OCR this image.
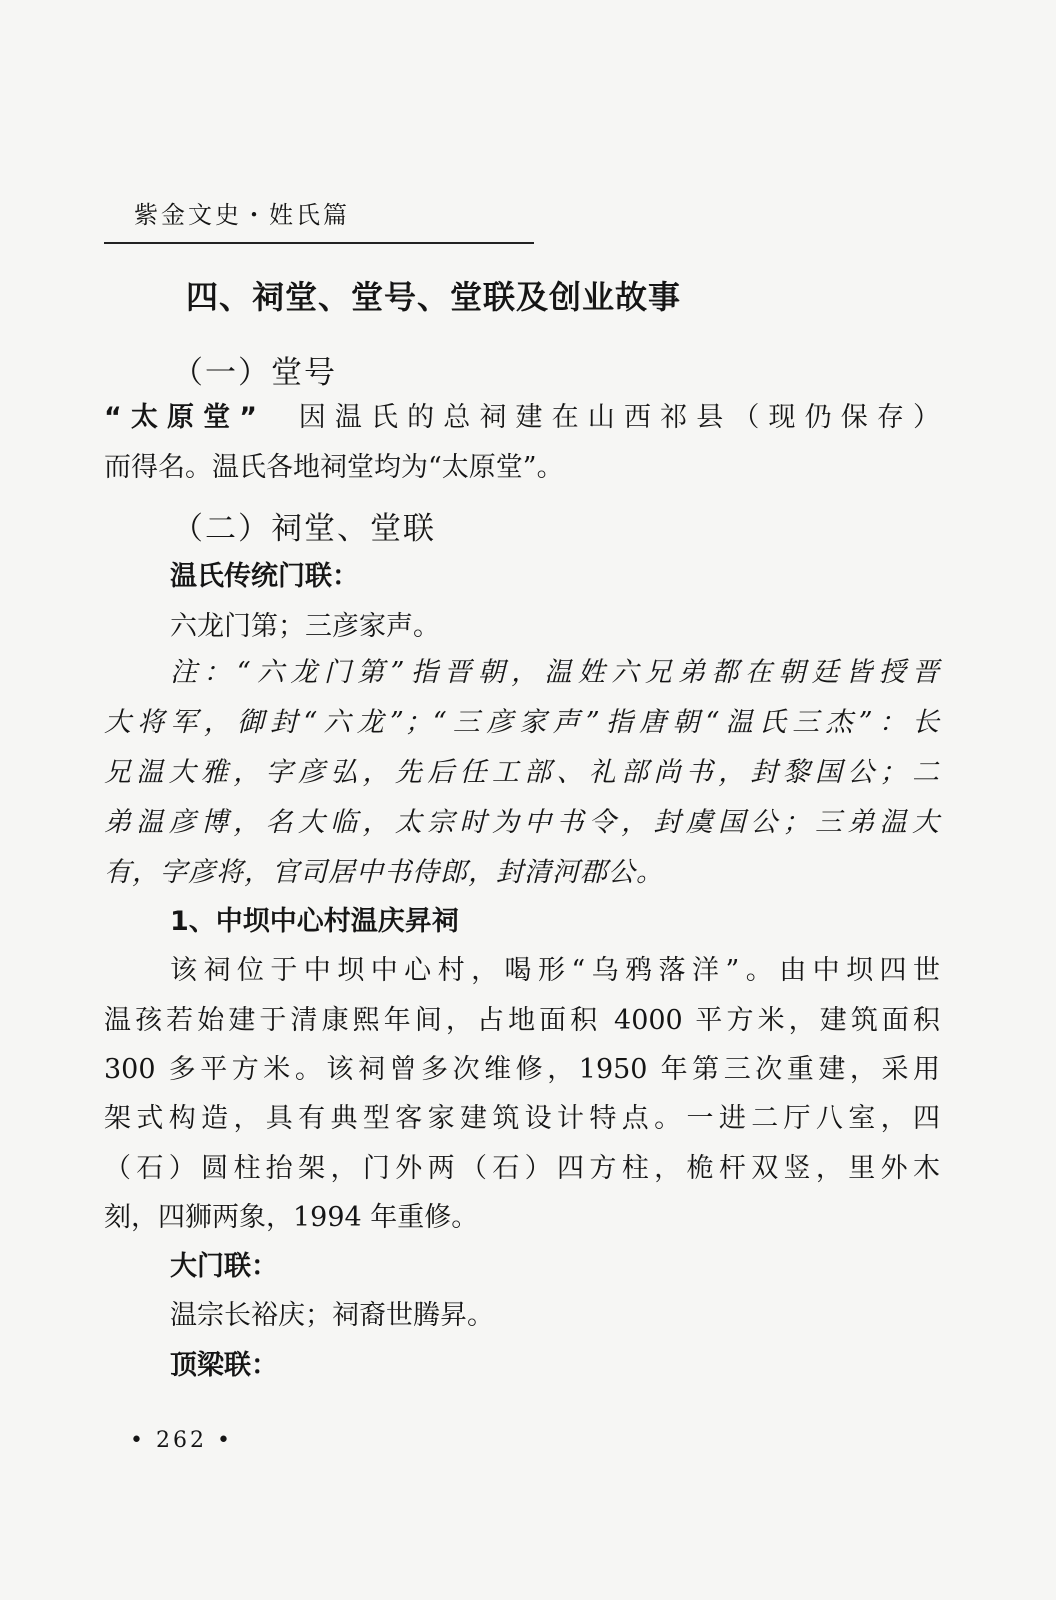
紫金文史・姓氏篇
四、祠堂、堂号、堂联及创业故事
（一）堂号
“太原堂” 因温氏的总祠建在山西祁县（现仍保存）
而得名。温氏各地祠堂均为“太原堂”。
（二）祠堂、堂联
温氏传统门联：
六龙门第；三彦家声。
注：“六龙门第”指晋朝，温姓六兄弟都在朝廷皆授晋
大将军，御封“六龙”；“三彦家声”指唐朝“温氏三杰”：长
兄温大雅，字彦弘，先后任工部、礼部尚书，封黎国公；二
弟温彦博，名大临，太宗时为中书令，封虞国公；三弟温大
有，字彦将，官司居中书侍郎，封清河郡公。
1、中坝中心村温庆昇祠
该祠位于中坝中心村，喝形“乌鸦落洋”。由中坝四世
温孩若始建于清康熙年间，占地面积 4000 平方米，建筑面积
300 多平方米。该祠曾多次维修，1950 年第三次重建，采用
架式构造，具有典型客家建筑设计特点。一进二厅八室，四
（石）圆柱抬架，门外两（石）四方柱，桅杆双竖，里外木
刻，四狮两象，1994 年重修。
大门联：
温宗长裕庆；祠裔世腾昇。
顶梁联：
• 262 •
